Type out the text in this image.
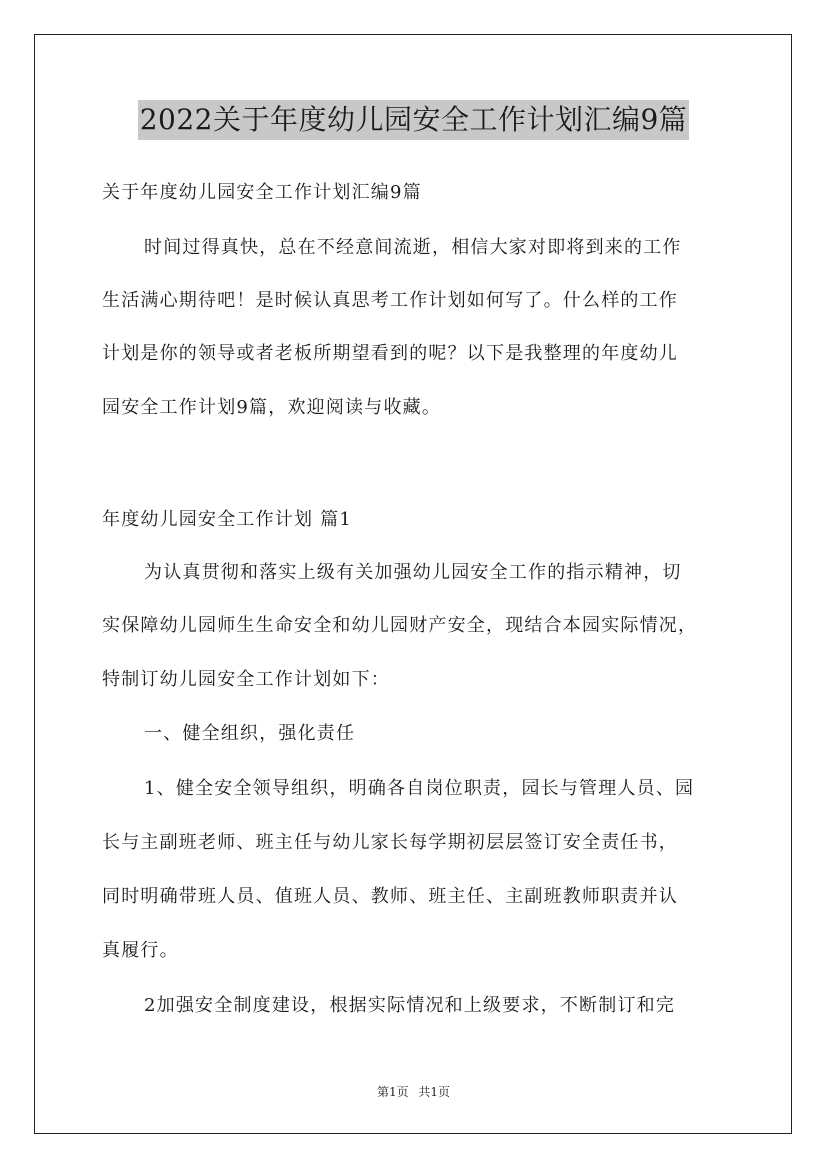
2022关于年度幼儿园安全工作计划汇编9篇
关于年度幼儿园安全工作计划汇编9篇
时间过得真快，总在不经意间流逝，相信大家对即将到来的工作
生活满心期待吧！是时候认真思考工作计划如何写了。什么样的工作
计划是你的领导或者老板所期望看到的呢？以下是我整理的年度幼儿
园安全工作计划9篇，欢迎阅读与收藏。
年度幼儿园安全工作计划 篇1
为认真贯彻和落实上级有关加强幼儿园安全工作的指示精神，切
实保障幼儿园师生生命安全和幼儿园财产安全，现结合本园实际情况，
特制订幼儿园安全工作计划如下：
一、健全组织，强化责任
1、健全安全领导组织，明确各自岗位职责，园长与管理人员、园
长与主副班老师、班主任与幼儿家长每学期初层层签订安全责任书，
同时明确带班人员、值班人员、教师、班主任、主副班教师职责并认
真履行。
2加强安全制度建设，根据实际情况和上级要求，不断制订和完
第1页 共1页
